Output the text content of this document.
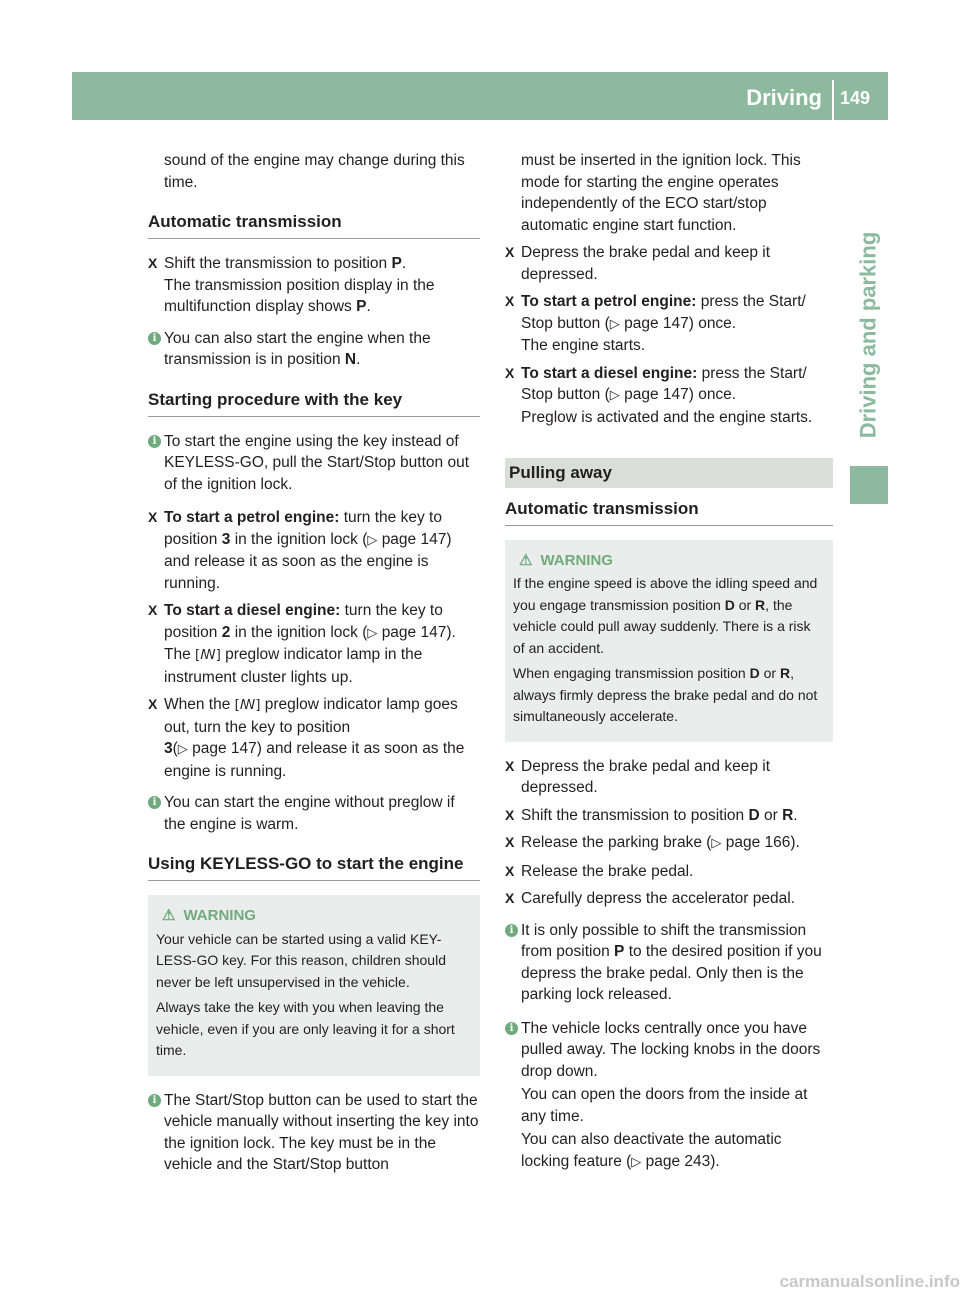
Driving 149
Driving and parking
sound of the engine may change during this time.
Automatic transmission
X Shift the transmission to position P.
The transmission position display in the multifunction display shows P.
i You can also start the engine when the transmission is in position N.
Starting procedure with the key
i To start the engine using the key instead of KEYLESS-GO, pull the Start/Stop button out of the ignition lock.
X To start a petrol engine: turn the key to position 3 in the ignition lock (▷ page 147) and release it as soon as the engine is running.
X To start a diesel engine: turn the key to position 2 in the ignition lock (▷ page 147).
The [ꟿ] preglow indicator lamp in the instrument cluster lights up.
X When the [ꟿ] preglow indicator lamp goes out, turn the key to position
3(▷ page 147) and release it as soon as the engine is running.
i You can start the engine without preglow if the engine is warm.
Using KEYLESS-GO to start the engine
⚠ WARNING

Your vehicle can be started using a valid KEY-LESS-GO key. For this reason, children should never be left unsupervised in the vehicle.

Always take the key with you when leaving the vehicle, even if you are only leaving it for a short time.

i The Start/Stop button can be used to start the vehicle manually without inserting the key into the ignition lock. The key must be in the vehicle and the Start/Stop button
must be inserted in the ignition lock. This mode for starting the engine operates independently of the ECO start/stop automatic engine start function.
X Depress the brake pedal and keep it depressed.
X To start a petrol engine: press the Start/ Stop button (▷ page 147) once.
The engine starts.
X To start a diesel engine: press the Start/ Stop button (▷ page 147) once.
Preglow is activated and the engine starts.
Pulling away
Automatic transmission
⚠ WARNING

If the engine speed is above the idling speed and you engage transmission position D or R, the vehicle could pull away suddenly. There is a risk of an accident.

When engaging transmission position D or R, always firmly depress the brake pedal and do not simultaneously accelerate.

X Depress the brake pedal and keep it depressed.
X Shift the transmission to position D or R.
X Release the parking brake (▷ page 166).
X Release the brake pedal.
X Carefully depress the accelerator pedal.
i It is only possible to shift the transmission from position P to the desired position if you depress the brake pedal. Only then is the parking lock released.
i The vehicle locks centrally once you have pulled away. The locking knobs in the doors drop down.
You can open the doors from the inside at any time.
You can also deactivate the automatic locking feature (▷ page 243).
carmanualsonline.info
